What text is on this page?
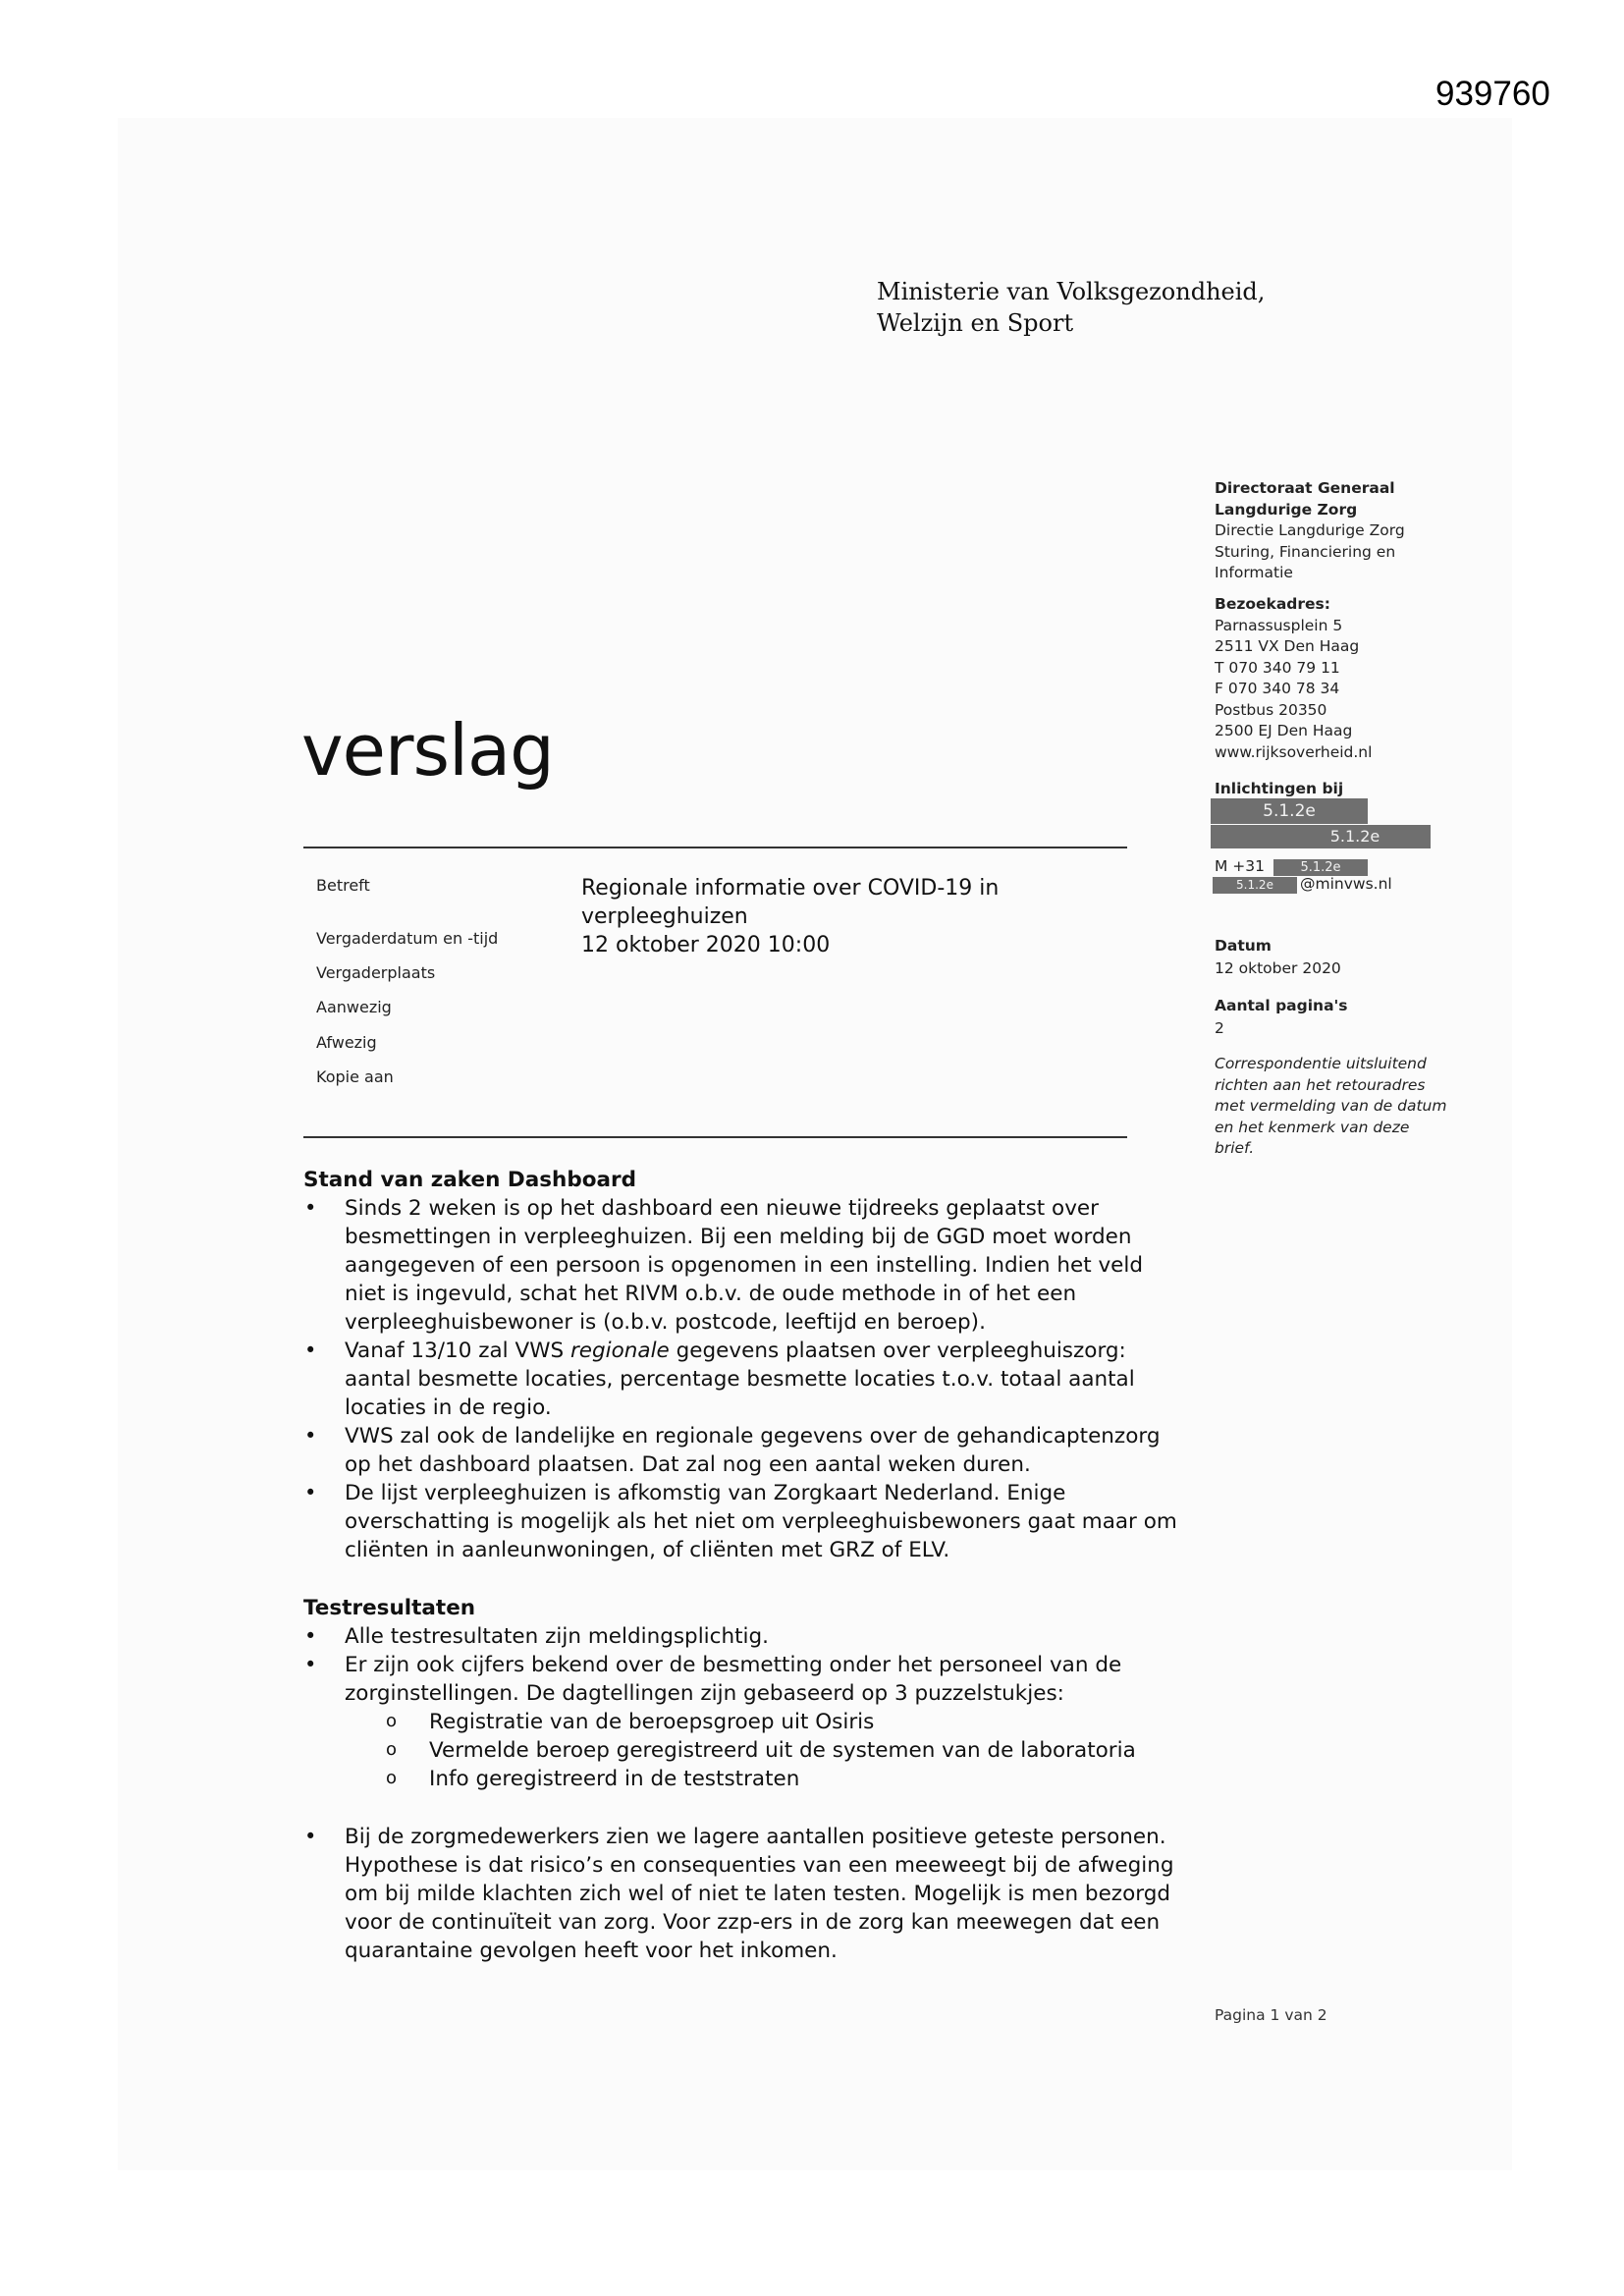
939760
Ministerie van Volksgezondheid,
Welzijn en Sport
Directoraat Generaal
Langdurige Zorg
Directie Langdurige Zorg
Sturing, Financiering en
Informatie
Bezoekadres:
Parnassusplein 5
2511 VX Den Haag
T 070 340 79 11
F 070 340 78 34
Postbus 20350
2500 EJ Den Haag
www.rijksoverheid.nl
Inlichtingen bij
5.1.2e
5.1.2e
M +31	5.1.2e
5.1.2e	@minvws.nl
Datum
12 oktober 2020
Aantal pagina's
2
Correspondentie uitsluitend
richten aan het retouradres
met vermelding van de datum
en het kenmerk van deze
brief.
verslag
Betreft
Vergaderdatum en -tijd
Vergaderplaats
Aanwezig
Afwezig
Kopie aan
Regionale informatie over COVID-19 in
verpleeghuizen
12 oktober 2020 10:00
Stand van zaken Dashboard
• Sinds 2 weken is op het dashboard een nieuwe tijdreeks geplaatst over besmettingen in verpleeghuizen. Bij een melding bij de GGD moet worden aangegeven of een persoon is opgenomen in een instelling. Indien het veld niet is ingevuld, schat het RIVM o.b.v. de oude methode in of het een verpleeghuisbewoner is (o.b.v. postcode, leeftijd en beroep).
• Vanaf 13/10 zal VWS regionale gegevens plaatsen over verpleeghuiszorg: aantal besmette locaties, percentage besmette locaties t.o.v. totaal aantal locaties in de regio.
• VWS zal ook de landelijke en regionale gegevens over de gehandicaptenzorg op het dashboard plaatsen. Dat zal nog een aantal weken duren.
• De lijst verpleeghuizen is afkomstig van Zorgkaart Nederland. Enige overschatting is mogelijk als het niet om verpleeghuisbewoners gaat maar om cliënten in aanleunwoningen, of cliënten met GRZ of ELV.
Testresultaten
• Alle testresultaten zijn meldingsplichtig.
• Er zijn ook cijfers bekend over de besmetting onder het personeel van de zorginstellingen. De dagtellingen zijn gebaseerd op 3 puzzelstukjes:
o Registratie van de beroepsgroep uit Osiris
o Vermelde beroep geregistreerd uit de systemen van de laboratoria
o Info geregistreerd in de teststraten
• Bij de zorgmedewerkers zien we lagere aantallen positieve geteste personen. Hypothese is dat risico’s en consequenties van een meeweegt bij de afweging om bij milde klachten zich wel of niet te laten testen. Mogelijk is men bezorgd voor de continuïteit van zorg. Voor zzp-ers in de zorg kan meewegen dat een quarantaine gevolgen heeft voor het inkomen.
Pagina 1 van 2
